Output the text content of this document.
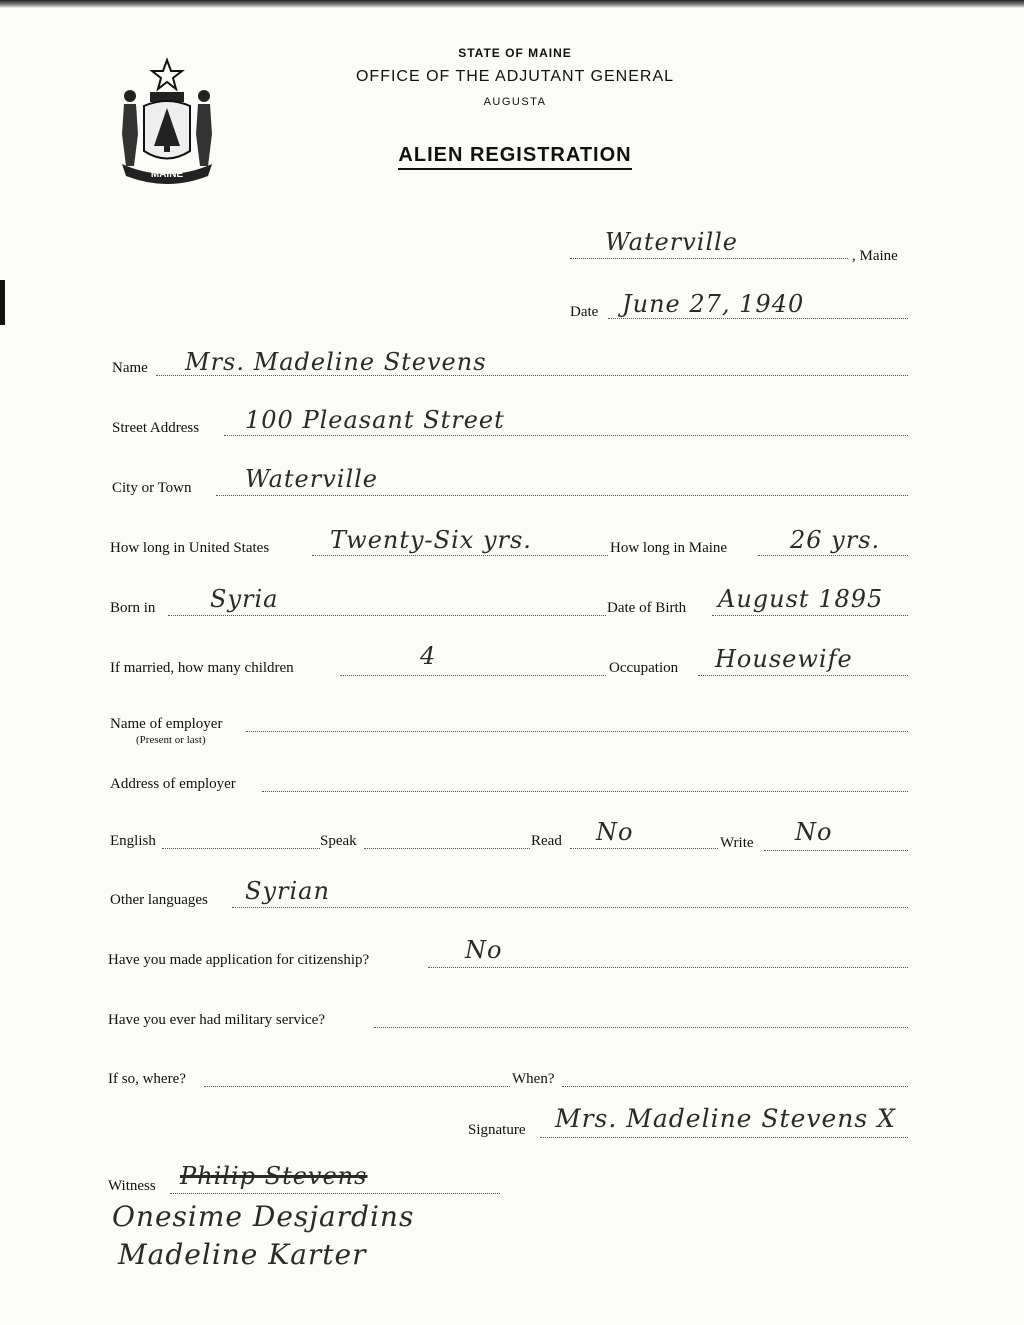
MAINE
STATE OF MAINE
OFFICE OF THE ADJUTANT GENERAL
AUGUSTA
ALIEN REGISTRATION
Waterville	, Maine
Date June 27, 1940
Name Mrs. Madeline Stevens
Street Address 100 Pleasant Street
City or Town Waterville
How long in United States	Twenty-Six yrs.	How long in Maine	26 yrs.
Born in Syria	Date of Birth August 1895
If married, how many children	4	Occupation Housewife
Name of employer
(Present or last)
Address of employer
English	Speak	Read No	Write No
Other languages Syrian
Have you made application for citizenship?	No
Have you ever had military service?
If so, where?	When?
Signature Mrs. Madeline Stevens X
Witness Philip Stevens
Onesime Desjardins
Madeline Karter
